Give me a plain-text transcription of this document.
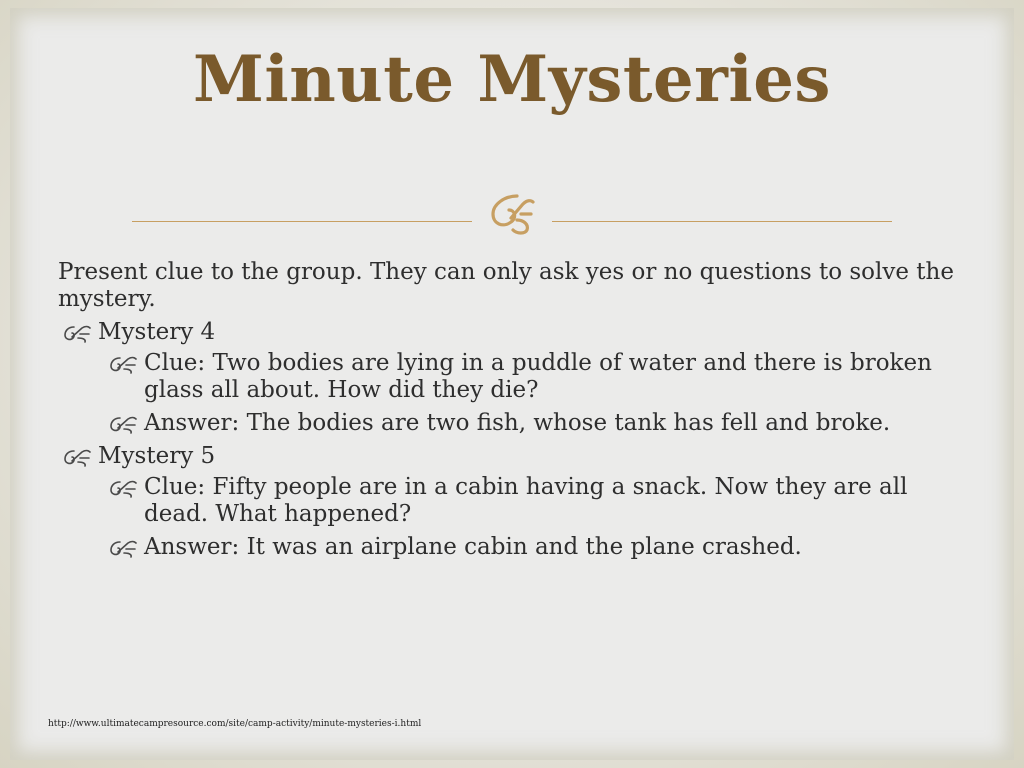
Minute Mysteries

Present clue to the group. They can only ask yes or no questions to solve the mystery.

Mystery 4
Clue: Two bodies are lying in a puddle of water and there is broken glass all about. How did they die?
Answer: The bodies are two fish, whose tank has fell and broke.
Mystery 5
Clue: Fifty people are in a cabin having a snack. Now they are all dead. What happened?
Answer: It was an airplane cabin and the plane crashed.
http://www.ultimatecampresource.com/site/camp-activity/minute-mysteries-i.html
